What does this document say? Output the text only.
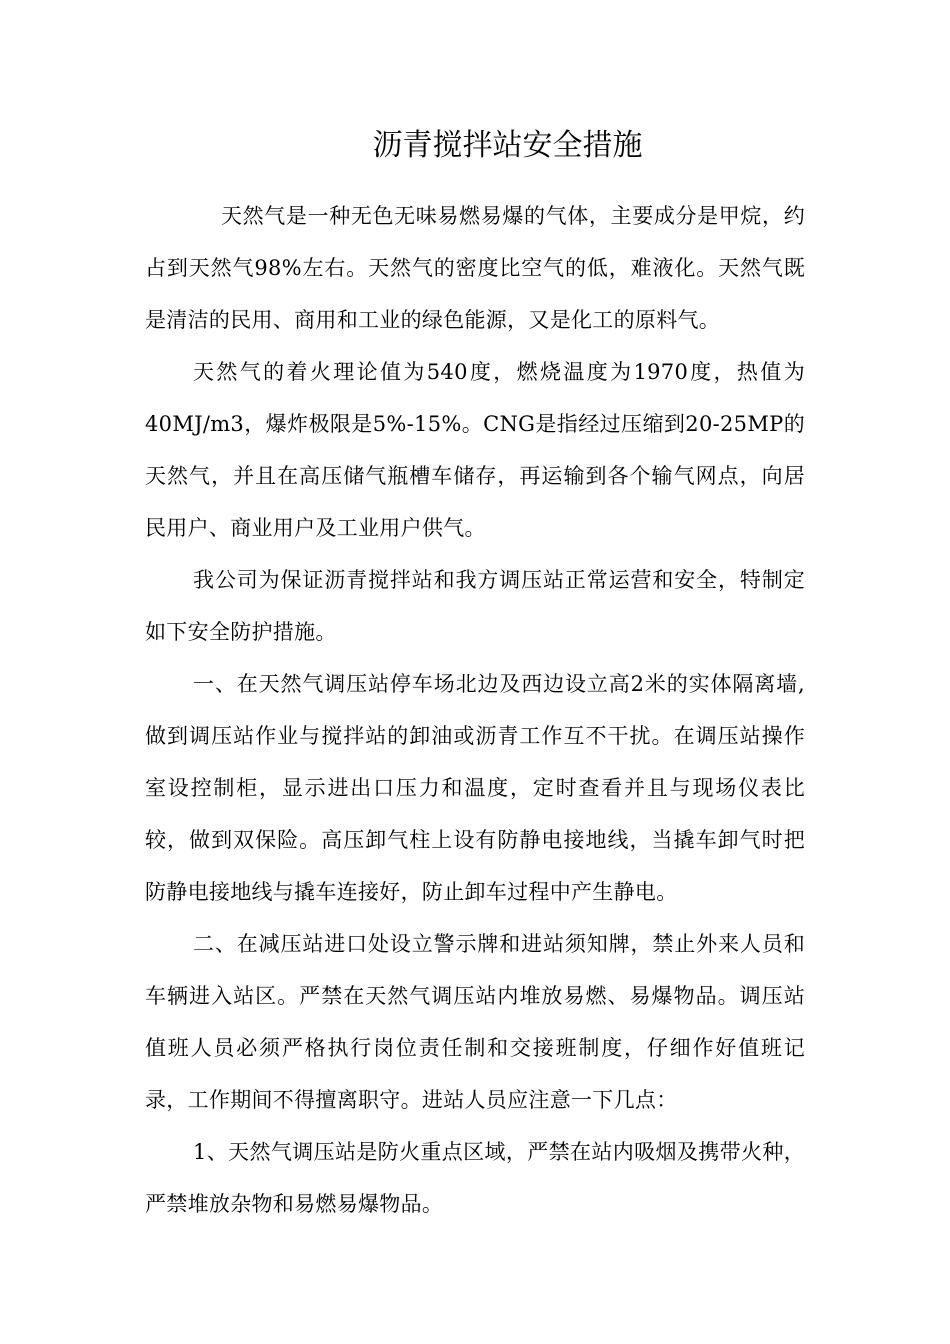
沥青搅拌站安全措施

天然气是一种无色无味易燃易爆的气体，主要成分是甲烷，约占到天然气98%左右。天然气的密度比空气的低，难液化。天然气既是清洁的民用、商用和工业的绿色能源，又是化工的原料气。

天然气的着火理论值为540度，燃烧温度为1970度，热值为40MJ/m3，爆炸极限是5%-15%。CNG是指经过压缩到20-25MP的天然气，并且在高压储气瓶槽车储存，再运输到各个输气网点，向居民用户、商业用户及工业用户供气。

我公司为保证沥青搅拌站和我方调压站正常运营和安全，特制定如下安全防护措施。

一、在天然气调压站停车场北边及西边设立高2米的实体隔离墙,做到调压站作业与搅拌站的卸油或沥青工作互不干扰。在调压站操作室设控制柜，显示进出口压力和温度，定时查看并且与现场仪表比较，做到双保险。高压卸气柱上设有防静电接地线，当撬车卸气时把防静电接地线与撬车连接好，防止卸车过程中产生静电。

二、在减压站进口处设立警示牌和进站须知牌，禁止外来人员和车辆进入站区。严禁在天然气调压站内堆放易燃、易爆物品。调压站值班人员必须严格执行岗位责任制和交接班制度，仔细作好值班记录，工作期间不得擅离职守。进站人员应注意一下几点：

1、天然气调压站是防火重点区域，严禁在站内吸烟及携带火种，严禁堆放杂物和易燃易爆物品。
